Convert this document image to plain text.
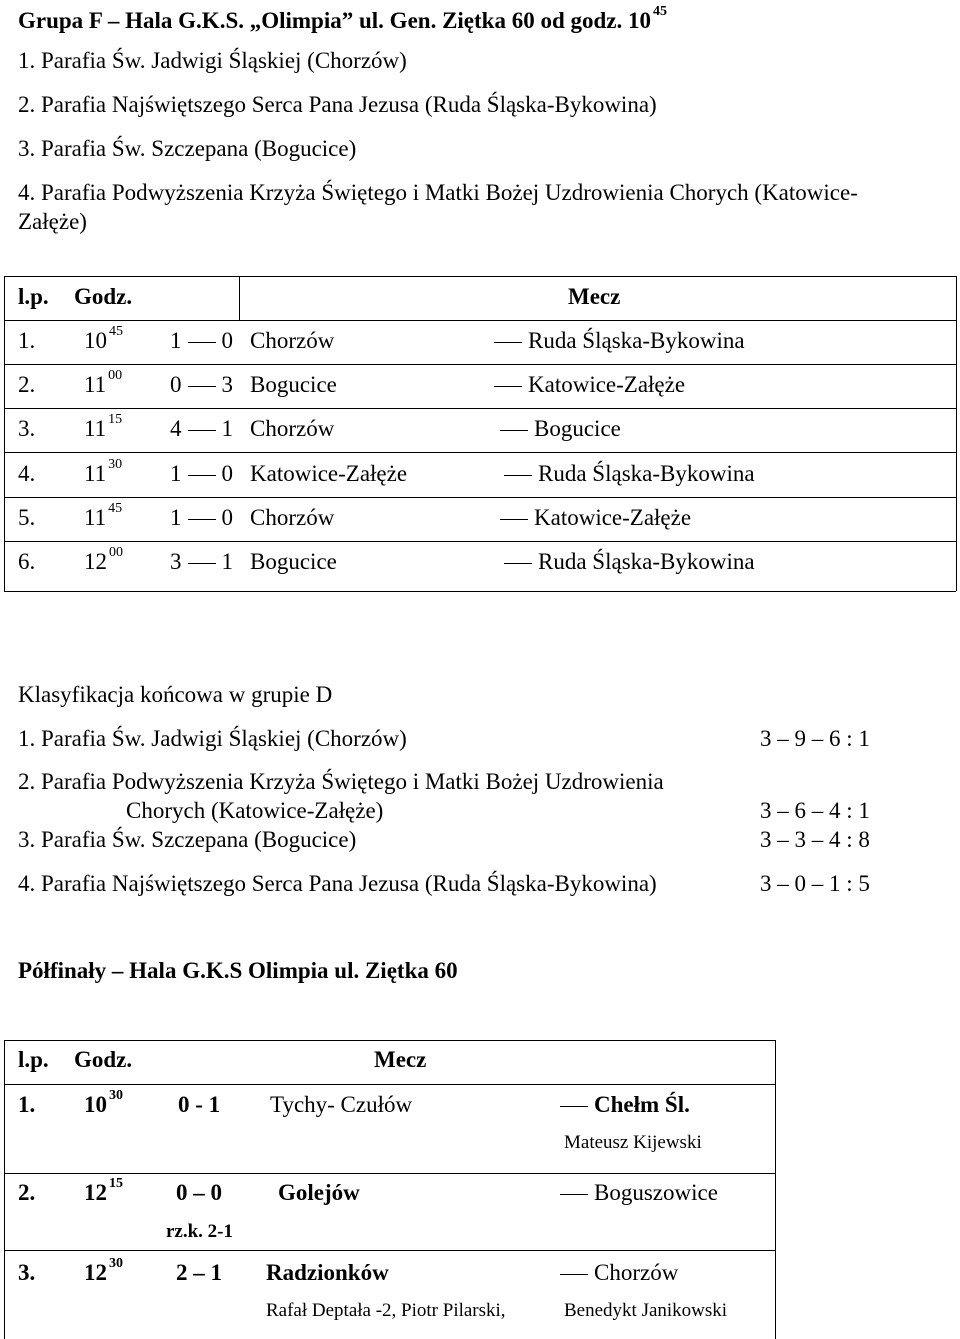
Grupa F – Hala G.K.S. „Olimpia” ul. Gen. Ziętka 60 od godz. 10 $^{45}$
1. Parafia Św. Jadwigi Śląskiej (Chorzów)
2. Parafia Najświętszego Serca Pana Jezusa (Ruda Śląska-Bykowina)
3. Parafia Św. Szczepana (Bogucice)
4. Parafia Podwyższenia Krzyża Świętego i Matki Bożej Uzdrowienia Chorych (Katowice-
Załęże)
l.p. Godz.	Mecz
1. 10 $^{45}$ 1 0 Chorzów	Ruda Śląska-Bykowina
2. 11 $^{00}$ 0 3 Bogucice	Katowice-Załęże
3. 11 $^{15}$ 4 1 Chorzów	Bogucice
4. 11 $^{30}$ 1 0 Katowice-Załęże	Ruda Śląska-Bykowina
5. 11 $^{45}$ 1 0 Chorzów	Katowice-Załęże
6. 12 $^{00}$ 3 1 Bogucice	Ruda Śląska-Bykowina
Klasyfikacja końcowa w grupie D
1. Parafia Św. Jadwigi Śląskiej (Chorzów)	3 – 9 – 6 : 1
2. Parafia Podwyższenia Krzyża Świętego i Matki Bożej Uzdrowienia
Chorych (Katowice-Załęże)	3 – 6 – 4 : 1
3. Parafia Św. Szczepana (Bogucice)	3 – 3 – 4 : 8
4. Parafia Najświętszego Serca Pana Jezusa (Ruda Śląska-Bykowina)	3 – 0 – 1 : 5
Półfinały – Hala G.K.S Olimpia ul. Ziętka 60
l.p. Godz.	Mecz
1. 10 $^{30}$ 0 - 1 Tychy- Czułów	Chełm Śl.
Mateusz Kijewski
2. 12 $^{15}$ 0 – 0 Golejów	Boguszowice
rz.k. 2-1
3. 12 $^{30}$ 2 – 1 Radzionków	Chorzów
Rafał Deptała -2, Piotr Pilarski,	Benedykt Janikowski
